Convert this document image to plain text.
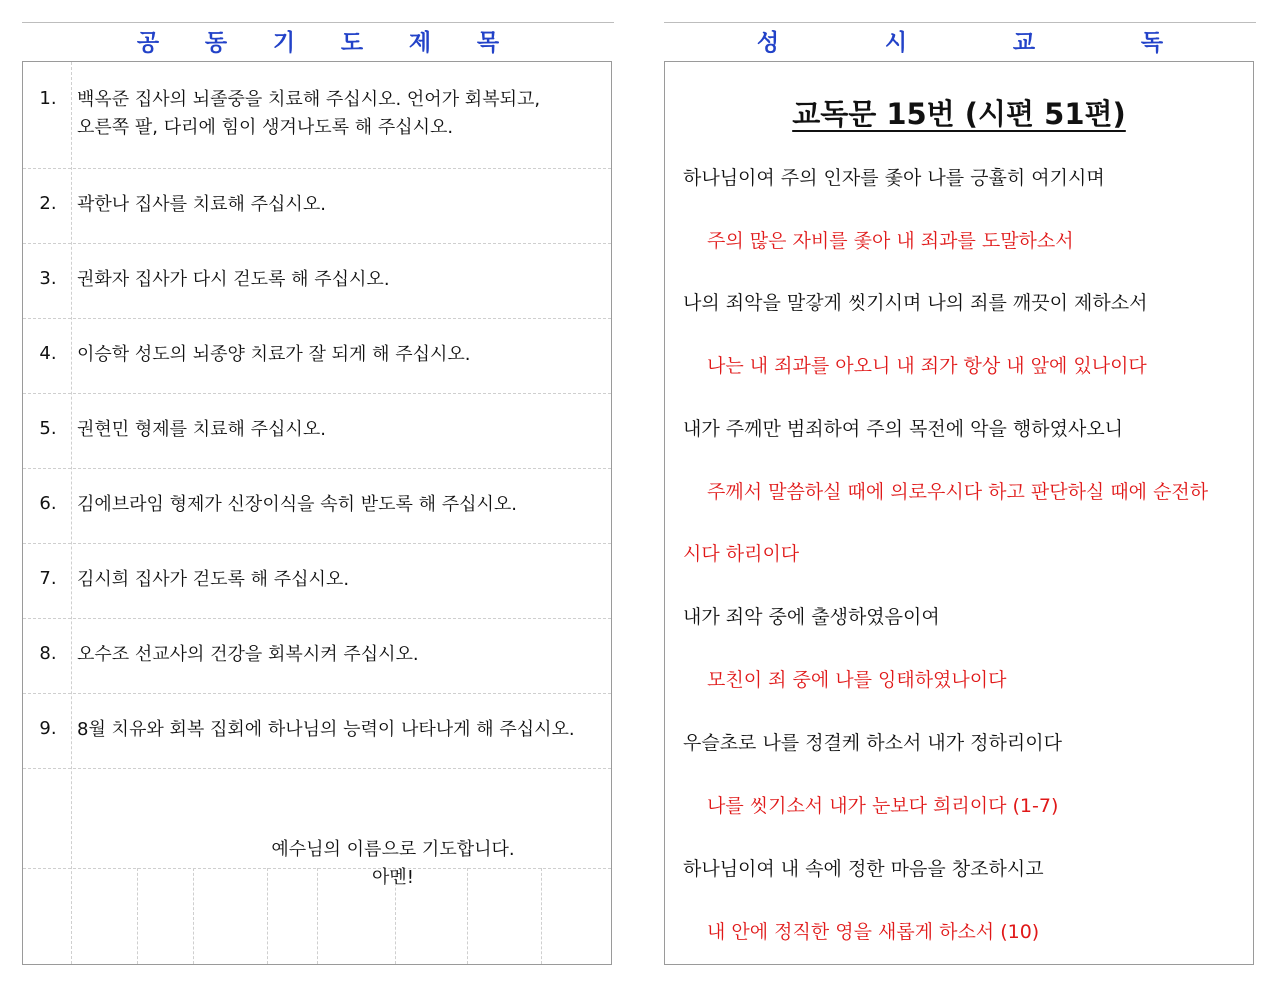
공	동	기	도	제	목	성	시	교	독
1.	백옥준 집사의 뇌졸중을 치료해 주십시오. 언어가 회복되고,
오른쪽 팔, 다리에 힘이 생겨나도록 해 주십시오.
2.	곽한나 집사를 치료해 주십시오.
3.	권화자 집사가 다시 걷도록 해 주십시오.
4.	이승학 성도의 뇌종양 치료가 잘 되게 해 주십시오.
5.	권현민 형제를 치료해 주십시오.
6.	김에브라임 형제가 신장이식을 속히 받도록 해 주십시오.
7.	김시희 집사가 걷도록 해 주십시오.
8.	오수조 선교사의 건강을 회복시켜 주십시오.
9.	8월 치유와 회복 집회에 하나님의 능력이 나타나게 해 주십시오.
예수님의 이름으로 기도합니다.
아멘!
교독문 15번 (시편 51편)
하나님이여 주의 인자를 좇아 나를 긍휼히 여기시며
주의 많은 자비를 좇아 내 죄과를 도말하소서
나의 죄악을 말갛게 씻기시며 나의 죄를 깨끗이 제하소서
나는 내 죄과를 아오니 내 죄가 항상 내 앞에 있나이다
내가 주께만 범죄하여 주의 목전에 악을 행하였사오니
주께서 말씀하실 때에 의로우시다 하고 판단하실 때에 순전하
시다 하리이다
내가 죄악 중에 출생하였음이여
모친이 죄 중에 나를 잉태하였나이다
우슬초로 나를 정결케 하소서 내가 정하리이다
나를 씻기소서 내가 눈보다 희리이다 (1-7)
하나님이여 내 속에 정한 마음을 창조하시고
내 안에 정직한 영을 새롭게 하소서 (10)
